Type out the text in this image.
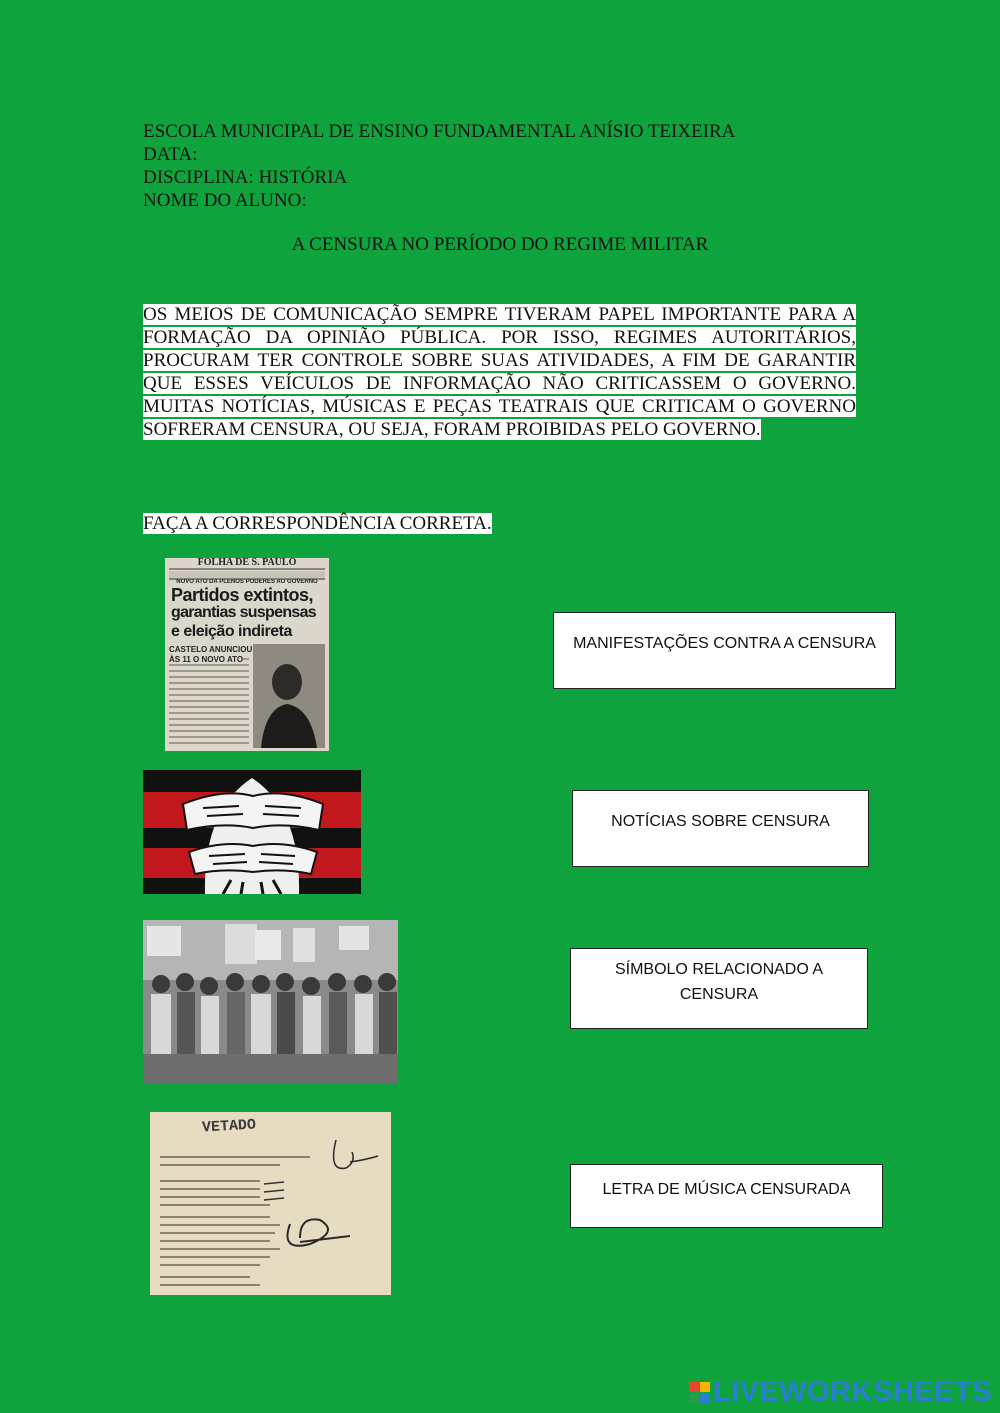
ESCOLA MUNICIPAL DE ENSINO FUNDAMENTAL ANÍSIO TEIXEIRA
DATA:
DISCIPLINA: HISTÓRIA
NOME DO ALUNO:
A CENSURA NO PERÍODO DO REGIME MILITAR
OS MEIOS DE COMUNICAÇÃO SEMPRE TIVERAM PAPEL IMPORTANTE PARA A FORMAÇÃO DA OPINIÃO PÚBLICA. POR ISSO, REGIMES AUTORITÁRIOS, PROCURAM TER CONTROLE SOBRE SUAS ATIVIDADES, A FIM DE GARANTIR QUE ESSES VEÍCULOS DE INFORMAÇÃO NÃO CRITICASSEM O GOVERNO. MUITAS NOTÍCIAS, MÚSICAS E PEÇAS TEATRAIS QUE CRITICAM O GOVERNO SOFRERAM CENSURA, OU SEJA, FORAM PROIBIDAS PELO GOVERNO.
FAÇA A CORRESPONDÊNCIA CORRETA.
FOLHA DE S. PAULO
NOVO ATO DA PLENOS PODERES AO GOVERNO
Partidos extintos,
garantias suspensas
e eleição indireta
CASTELO ANUNCIOU
ÀS 11 O NOVO ATO
VETADO
MANIFESTAÇÕES CONTRA A CENSURA
NOTÍCIAS SOBRE CENSURA
SÍMBOLO RELACIONADO A CENSURA
LETRA DE MÚSICA CENSURADA
LIVEWORKSHEETS
